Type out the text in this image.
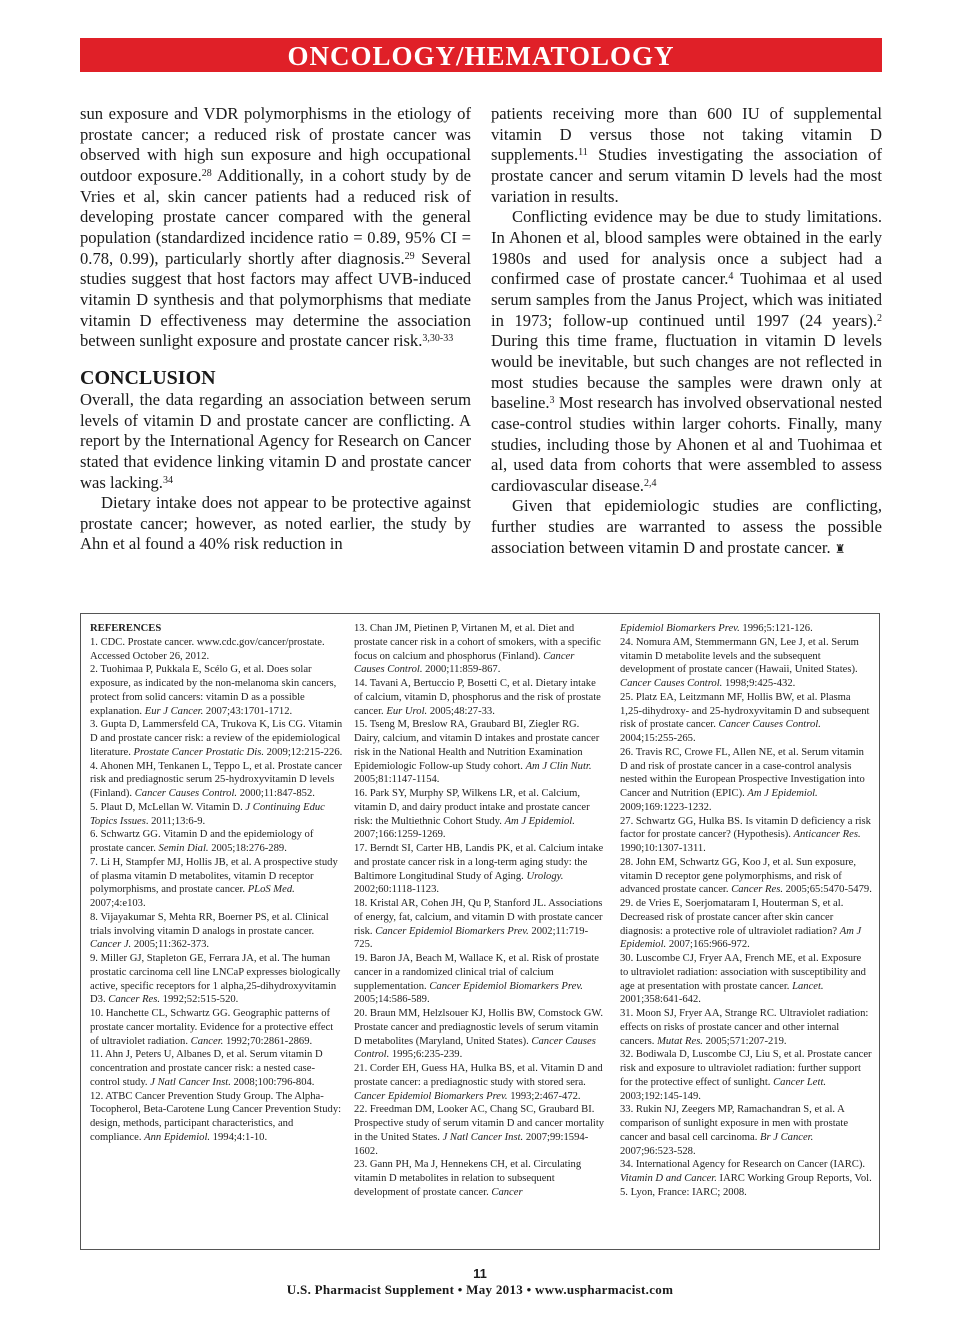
ONCOLOGY/HEMATOLOGY

sun exposure and VDR polymorphisms in the etiology of prostate cancer; a reduced risk of prostate cancer was observed with high sun exposure and high occupational outdoor exposure.$^{28}$ Additionally, in a cohort study by de Vries et al, skin cancer patients had a reduced risk of developing prostate cancer compared with the general population (standardized incidence ratio = 0.89, 95% CI = 0.78, 0.99), particularly shortly after diagnosis.$^{29}$ Several studies suggest that host factors may affect UVB-induced vitamin D synthesis and that polymorphisms that mediate vitamin D effectiveness may determine the association between sunlight exposure and prostate cancer risk.$^{3,30-33}$

CONCLUSION

Overall, the data regarding an association between serum levels of vitamin D and prostate cancer are conflicting. A report by the International Agency for Research on Cancer stated that evidence linking vitamin D and prostate cancer was lacking.$^{34}$

Dietary intake does not appear to be protective against prostate cancer; however, as noted earlier, the study by Ahn et al found a 40% risk reduction in

patients receiving more than 600 IU of supplemental vitamin D versus those not taking vitamin D supplements.$^{11}$ Studies investigating the association of prostate cancer and serum vitamin D levels had the most variation in results.

Conflicting evidence may be due to study limitations. In Ahonen et al, blood samples were obtained in the early 1980s and used for analysis once a subject had a confirmed case of prostate cancer.$^4$ Tuohimaa et al used serum samples from the Janus Project, which was initiated in 1973; follow-up continued until 1997 (24 years).$^2$ During this time frame, fluctuation in vitamin D levels would be inevitable, but such changes are not reflected in most studies because the samples were drawn only at baseline.$^3$ Most research has involved observational nested case-control studies within larger cohorts. Finally, many studies, including those by Ahonen et al and Tuohimaa et al, used data from cohorts that were assembled to assess cardiovascular disease.$^{2,4}$

Given that epidemiologic studies are conflicting, further studies are warranted to assess the possible association between vitamin D and prostate cancer. ♜

REFERENCES
1. CDC. Prostate cancer. www.cdc.gov/cancer/prostate. Accessed October 26, 2012.
2. Tuohimaa P, Pukkala E, Scélo G, et al. Does solar exposure, as indicated by the non-melanoma skin cancers, protect from solid cancers: vitamin D as a possible explanation. Eur J Cancer. 2007;43:1701-1712.
3. Gupta D, Lammersfeld CA, Trukova K, Lis CG. Vitamin D and prostate cancer risk: a review of the epidemiological literature. Prostate Cancer Prostatic Dis. 2009;12:215-226.
4. Ahonen MH, Tenkanen L, Teppo L, et al. Prostate cancer risk and prediagnostic serum 25-hydroxyvitamin D levels (Finland). Cancer Causes Control. 2000;11:847-852.
5. Plaut D, McLellan W. Vitamin D. J Continuing Educ Topics Issues. 2011;13:6-9.
6. Schwartz GG. Vitamin D and the epidemiology of prostate cancer. Semin Dial. 2005;18:276-289.
7. Li H, Stampfer MJ, Hollis JB, et al. A prospective study of plasma vitamin D metabolites, vitamin D receptor polymorphisms, and prostate cancer. PLoS Med. 2007;4:e103.
8. Vijayakumar S, Mehta RR, Boerner PS, et al. Clinical trials involving vitamin D analogs in prostate cancer. Cancer J. 2005;11:362-373.
9. Miller GJ, Stapleton GE, Ferrara JA, et al. The human prostatic carcinoma cell line LNCaP expresses biologically active, specific receptors for 1 alpha,25-dihydroxyvitamin D3. Cancer Res. 1992;52:515-520.
10. Hanchette CL, Schwartz GG. Geographic patterns of prostate cancer mortality. Evidence for a protective effect of ultraviolet radiation. Cancer. 1992;70:2861-2869.
11. Ahn J, Peters U, Albanes D, et al. Serum vitamin D concentration and prostate cancer risk: a nested case-control study. J Natl Cancer Inst. 2008;100:796-804.
12. ATBC Cancer Prevention Study Group. The Alpha-Tocopherol, Beta-Carotene Lung Cancer Prevention Study: design, methods, participant characteristics, and compliance. Ann Epidemiol. 1994;4:1-10.
13. Chan JM, Pietinen P, Virtanen M, et al. Diet and prostate cancer risk in a cohort of smokers, with a specific focus on calcium and phosphorus (Finland). Cancer Causes Control. 2000;11:859-867.
14. Tavani A, Bertuccio P, Bosetti C, et al. Dietary intake of calcium, vitamin D, phosphorus and the risk of prostate cancer. Eur Urol. 2005;48:27-33.
15. Tseng M, Breslow RA, Graubard BI, Ziegler RG. Dairy, calcium, and vitamin D intakes and prostate cancer risk in the National Health and Nutrition Examination Epidemiologic Follow-up Study cohort. Am J Clin Nutr. 2005;81:1147-1154.
16. Park SY, Murphy SP, Wilkens LR, et al. Calcium, vitamin D, and dairy product intake and prostate cancer risk: the Multiethnic Cohort Study. Am J Epidemiol. 2007;166:1259-1269.
17. Berndt SI, Carter HB, Landis PK, et al. Calcium intake and prostate cancer risk in a long-term aging study: the Baltimore Longitudinal Study of Aging. Urology. 2002;60:1118-1123.
18. Kristal AR, Cohen JH, Qu P, Stanford JL. Associations of energy, fat, calcium, and vitamin D with prostate cancer risk. Cancer Epidemiol Biomarkers Prev. 2002;11:719-725.
19. Baron JA, Beach M, Wallace K, et al. Risk of prostate cancer in a randomized clinical trial of calcium supplementation. Cancer Epidemiol Biomarkers Prev. 2005;14:586-589.
20. Braun MM, Helzlsouer KJ, Hollis BW, Comstock GW. Prostate cancer and prediagnostic levels of serum vitamin D metabolites (Maryland, United States). Cancer Causes Control. 1995;6:235-239.
21. Corder EH, Guess HA, Hulka BS, et al. Vitamin D and prostate cancer: a prediagnostic study with stored sera. Cancer Epidemiol Biomarkers Prev. 1993;2:467-472.
22. Freedman DM, Looker AC, Chang SC, Graubard BI. Prospective study of serum vitamin D and cancer mortality in the United States. J Natl Cancer Inst. 2007;99:1594-1602.
23. Gann PH, Ma J, Hennekens CH, et al. Circulating vitamin D metabolites in relation to subsequent development of prostate cancer. Cancer
Epidemiol Biomarkers Prev. 1996;5:121-126.
24. Nomura AM, Stemmermann GN, Lee J, et al. Serum vitamin D metabolite levels and the subsequent development of prostate cancer (Hawaii, United States). Cancer Causes Control. 1998;9:425-432.
25. Platz EA, Leitzmann MF, Hollis BW, et al. Plasma 1,25-dihydroxy- and 25-hydroxyvitamin D and subsequent risk of prostate cancer. Cancer Causes Control. 2004;15:255-265.
26. Travis RC, Crowe FL, Allen NE, et al. Serum vitamin D and risk of prostate cancer in a case-control analysis nested within the European Prospective Investigation into Cancer and Nutrition (EPIC). Am J Epidemiol. 2009;169:1223-1232.
27. Schwartz GG, Hulka BS. Is vitamin D deficiency a risk factor for prostate cancer? (Hypothesis). Anticancer Res. 1990;10:1307-1311.
28. John EM, Schwartz GG, Koo J, et al. Sun exposure, vitamin D receptor gene polymorphisms, and risk of advanced prostate cancer. Cancer Res. 2005;65:5470-5479.
29. de Vries E, Soerjomataram I, Houterman S, et al. Decreased risk of prostate cancer after skin cancer diagnosis: a protective role of ultraviolet radiation? Am J Epidemiol. 2007;165:966-972.
30. Luscombe CJ, Fryer AA, French ME, et al. Exposure to ultraviolet radiation: association with susceptibility and age at presentation with prostate cancer. Lancet. 2001;358:641-642.
31. Moon SJ, Fryer AA, Strange RC. Ultraviolet radiation: effects on risks of prostate cancer and other internal cancers. Mutat Res. 2005;571:207-219.
32. Bodiwala D, Luscombe CJ, Liu S, et al. Prostate cancer risk and exposure to ultraviolet radiation: further support for the protective effect of sunlight. Cancer Lett. 2003;192:145-149.
33. Rukin NJ, Zeegers MP, Ramachandran S, et al. A comparison of sunlight exposure in men with prostate cancer and basal cell carcinoma. Br J Cancer. 2007;96:523-528.
34. International Agency for Research on Cancer (IARC). Vitamin D and Cancer. IARC Working Group Reports, Vol. 5. Lyon, France: IARC; 2008.
11
U.S. Pharmacist Supplement • May 2013 • www.uspharmacist.com
